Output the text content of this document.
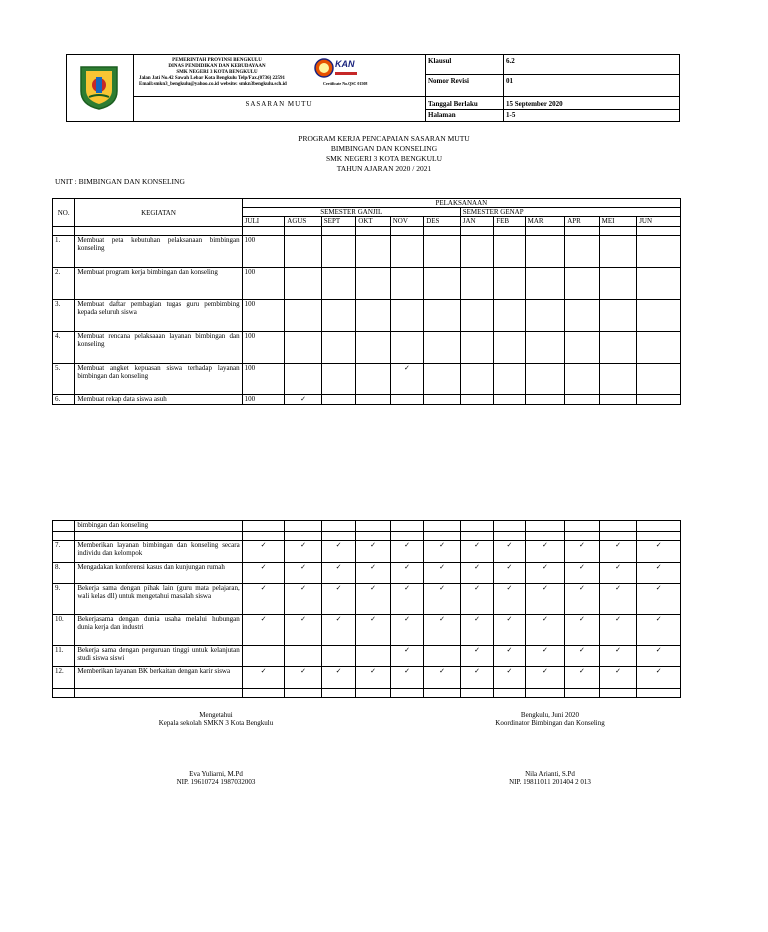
PEMERINTAH PROVINSI BENGKULU
DINAS PENDIDIKAN DAN KEBUDAYAAN
SMK NEGERI 3 KOTA BENGKULU
Jalan Jati No.42 Sawah Lebar Kota Bengkulu Telp/Fax.(0736) 22591
Email:smkn3_bengkulu@yahoo.co.id website: smkn3bengkulu.sch.id
KAN
Certificate No.QSC 01508
SASARAN MUTU
Klausul	6.2
Nomor Revisi	01
Tanggal Berlaku	15 September 2020
Halaman	1-5
PROGRAM KERJA PENCAPAIAN SASARAN MUTU
BIMBINGAN DAN KONSELING
SMK NEGERI 3 KOTA BENGKULU
TAHUN AJARAN 2020 / 2021
UNIT : BIMBINGAN DAN KONSELING
NO.	KEGIATAN	PELAKSANAAN											
		SEMESTER GANJIL						SEMESTER GENAP					
		JULI	AGUS	SEPT	OKT	NOV	DES	JAN	FEB	MAR	APR	MEI	JUN

1.	Membuat peta kebutuhan pelaksanaan bimbingan konseling	100											
2.	Membuat program kerja bimbingan dan konseling	100											
3.	Membuat daftar pembagian tugas guru pembimbing kepada seluruh siswa	100											
4.	Membuat rencana pelaksaaan layanan bimbingan dan konseling	100											
5.	Membuat angket kepuasan siswa terhadap layanan bimbingan dan konseling	100				✓							
6.	Membuat rekap data siswa asuh	100	✓										
	bimbingan dan konseling												

7.	Memberikan layanan bimbingan dan konseling secara individu dan kelompok	✓	✓	✓	✓	✓	✓	✓	✓	✓	✓	✓	✓
8.	Mengadakan konferensi kasus dan kunjungan rumah	✓	✓	✓	✓	✓	✓	✓	✓	✓	✓	✓	✓
9.	Bekerja sama dengan pihak lain (guru mata pelajaran, wali kelas dll) untuk mengetahui masalah siswa	✓	✓	✓	✓	✓	✓	✓	✓	✓	✓	✓	✓
10.	Bekerjasama dengan dunia usaha melalui hubungan dunia kerja dan industri	✓	✓	✓	✓	✓	✓	✓	✓	✓	✓	✓	✓
11.	Bekerja sama dengan perguruan tinggi untuk kelanjutan studi siswa siswi					✓		✓	✓	✓	✓	✓	✓
12.	Memberikan layanan BK berkaitan dengan karir siswa	✓	✓	✓	✓	✓	✓	✓	✓	✓	✓	✓	✓

Mengetahui
Kepala sekolah SMKN 3 Kota Bengkulu
Eva Yuliarni, M.Pd
NIP. 19610724 1987032003
Bengkulu, Juni 2020
Koordinator Bimbingan dan Konseling
Nila Arianti, S.Pd
NIP. 19811011 201404 2 013
